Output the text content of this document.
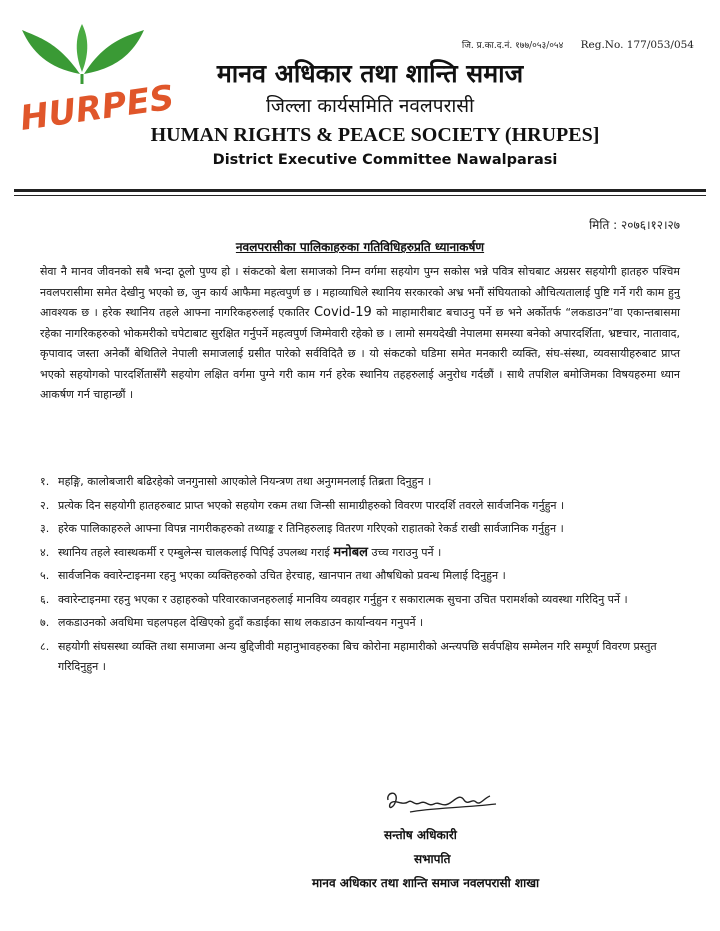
HURPES
जि. प्र.का.द.नं. १७७/०५३/०५४ Reg.No. 177/053/054
मानव अधिकार तथा शान्ति समाज
जिल्ला कार्यसमिति नवलपरासी
HUMAN RIGHTS & PEACE SOCIETY (HRUPES]
District Executive Committee Nawalparasi
मिति : २०७६।१२।२७
नवलपरासीका पालिकाहरुका गतिविधिहरुप्रति ध्यानाकर्षण
सेवा नै मानव जीवनको सबै भन्दा ठूलो पुण्य हो । संकटको बेला समाजको निम्न वर्गमा सहयोग पुग्न सकोस भन्ने पवित्र सोचबाट अग्रसर सहयोगी हातहरु पश्चिम नवलपरासीमा समेत देखीनु भएको छ, जुन कार्य आफैमा महत्वपुर्ण छ । महाव्याधिले स्थानिय सरकारको अभ्र भनौं संघियताको औचित्यतालाई पुष्टि गर्ने गरी काम हुनु आवश्यक छ । हरेक स्थानिय तहले आफ्ना नागरिकहरुलाई एकातिर Covid-19 को माहामारीबाट बचाउनु पर्ने छ भने अर्कोतर्फ “लकडाउन”वा एकान्तबासमा रहेका नागरिकहरुको भोकमरीको चपेटाबाट सुरक्षित गर्नुपर्ने महत्वपुर्ण जिम्मेवारी रहेको छ । लामो समयदेखी नेपालमा समस्या बनेको अपारदर्शिता, भ्रष्टचार, नातावाद, कृपावाद जस्ता अनेकौं बेथितिले नेपाली समाजलाई ग्रसीत पारेको सर्वविदितै छ । यो संकटको घडिमा समेत मनकारी व्यक्ति, संघ-संस्था, व्यवसायीहरुबाट प्राप्त भएको सहयोगको पारदर्शितासँगै सहयोग लक्षित वर्गमा पुग्ने गरी काम गर्न हरेक स्थानिय तहहरुलाई अनुरोध गर्दछौं । साथै तपशिल बमोजिमका विषयहरुमा ध्यान आकर्षण गर्न चाहान्छौं ।
१. महङ्गि, कालोबजारी बढिरहेको जनगुनासो आएकोले नियन्त्रण तथा अनुगमनलाई तिब्रता दिनुहुन ।
२. प्रत्येक दिन सहयोगी हातहरुबाट प्राप्त भएको सहयोग रकम तथा जिन्सी सामाग्रीहरुको विवरण पारदर्शि तवरले सार्वजनिक गर्नुहुन ।
३. हरेक पालिकाहरुले आफ्ना विपन्न नागरीकहरुको तथ्याङ्क र तिनिहरुलाइ वितरण गरिएको राहातको रेकर्ड राखी सार्वजानिक गर्नुहुन ।
४. स्थानिय तहले स्वास्थकर्मी र एम्बुलेन्स चालकलाई पिपिई उपलब्ध गराई मनोबल उच्च गराउनु पर्ने ।
५. सार्वजनिक क्वारेन्टाइनमा रहनु भएका व्यक्तिहरुको उचित हेरचाह, खानपान तथा औषधिको प्रवन्ध मिलाई दिनुहुन ।
६. क्वारेन्टाइनमा रहनु भएका र उहाहरुको परिवारकाजनहरुलाई मानविय व्यवहार गर्नुहुन र सकारात्मक सुचना उचित परामर्शको व्यवस्था गरिदिनु पर्ने ।
७. लकडाउनको अवधिमा चहलपहल देखिएको हुदाँ कडाईका साथ लकडाउन कार्यान्वयन गनुपर्ने ।
८. सहयोगी संघसस्था व्यक्ति तथा समाजमा अन्य बुद्दिजीवी महानुभावहरुका बिच कोरोना महामारीको अन्त्यपछि सर्वपक्षिय सम्मेलन गरि सम्पूर्ण विवरण प्रस्तुत गरिदिनुहुन ।
सन्तोष अधिकारी
सभापति
मानव अधिकार तथा शान्ति समाज नवलपरासी शाखा
